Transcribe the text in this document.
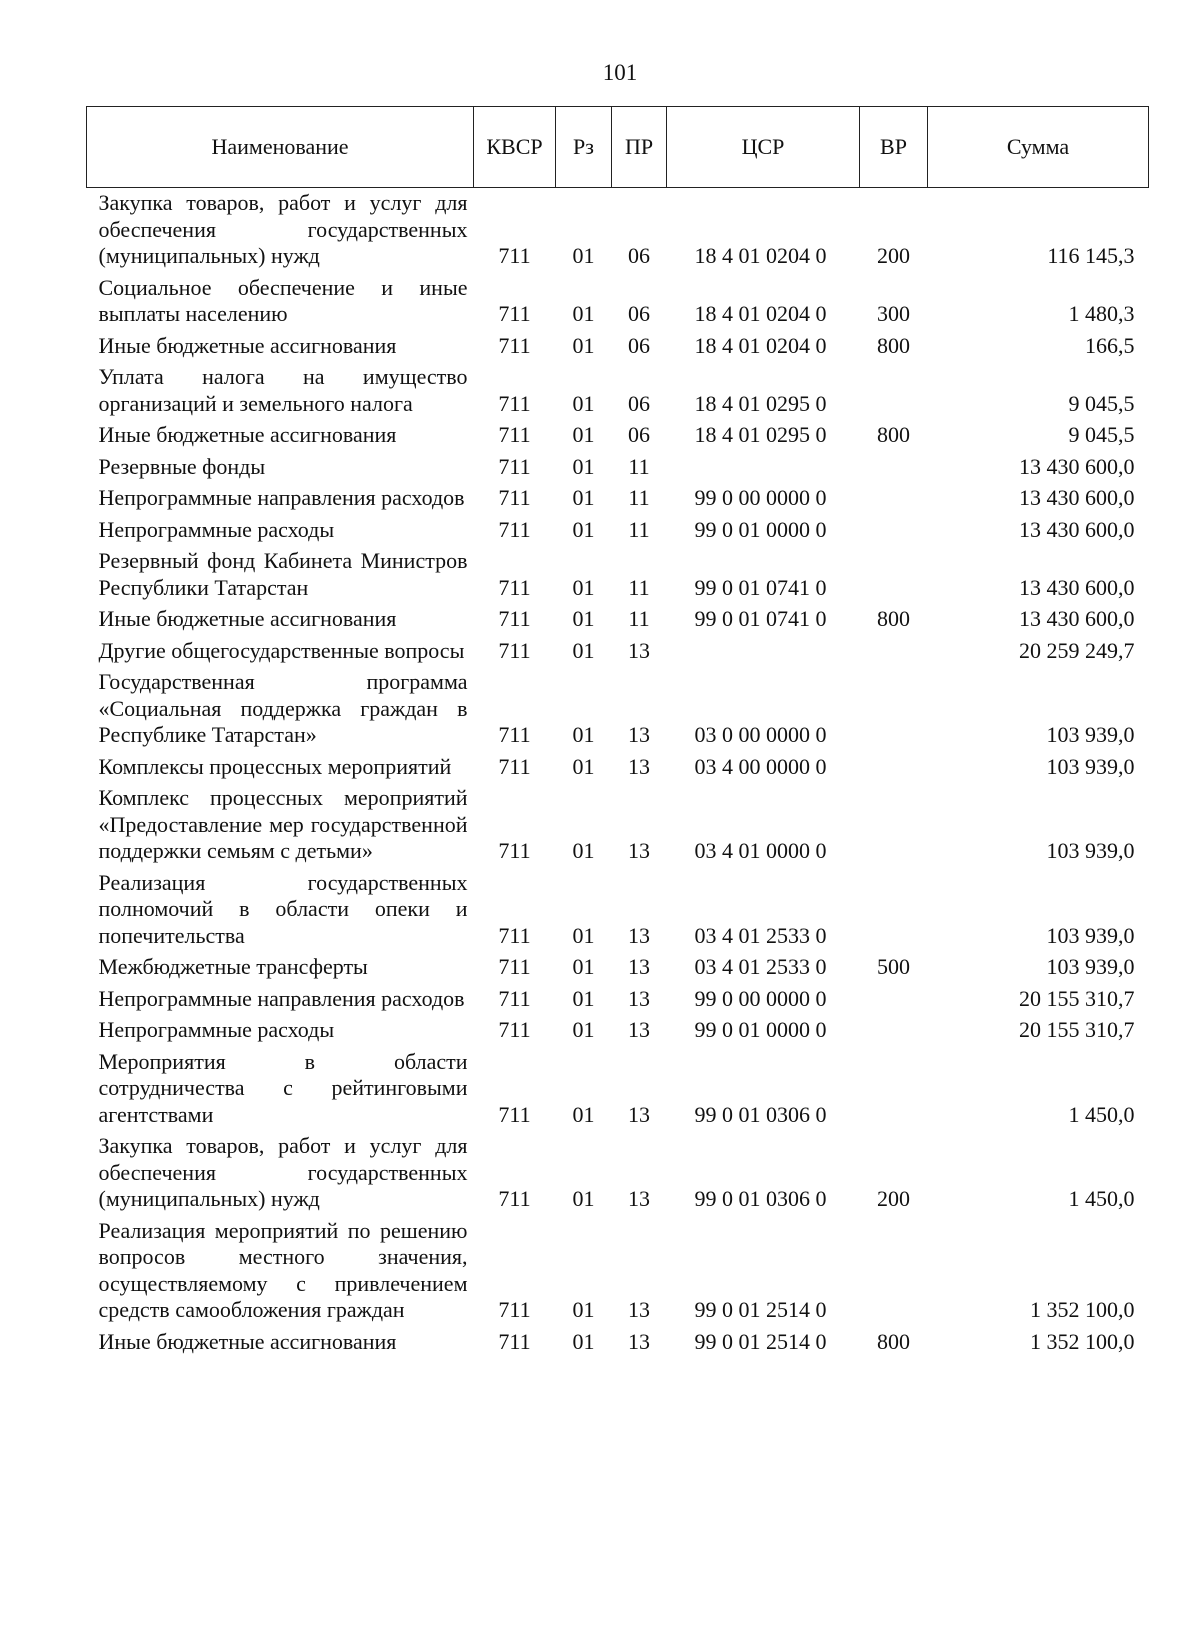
101
Наименование	КВСР	Рз	ПР	ЦСР	ВР	Сумма
Закупка товаров, работ и услуг для обеспечения государственных (муниципальных) нужд	711	01	06	18 4 01 0204 0	200	116 145,3
Социальное обеспечение и иные выплаты населению	711	01	06	18 4 01 0204 0	300	1 480,3
Иные бюджетные ассигнования	711	01	06	18 4 01 0204 0	800	166,5
Уплата налога на имущество организаций и земельного налога	711	01	06	18 4 01 0295 0		9 045,5
Иные бюджетные ассигнования	711	01	06	18 4 01 0295 0	800	9 045,5
Резервные фонды	711	01	11			13 430 600,0
Непрограммные направления расходов	711	01	11	99 0 00 0000 0		13 430 600,0
Непрограммные расходы	711	01	11	99 0 01 0000 0		13 430 600,0
Резервный фонд Кабинета Министров Республики Татарстан	711	01	11	99 0 01 0741 0		13 430 600,0
Иные бюджетные ассигнования	711	01	11	99 0 01 0741 0	800	13 430 600,0
Другие общегосударственные вопросы	711	01	13			20 259 249,7
Государственная программа «Социальная поддержка граждан в Республике Татарстан»	711	01	13	03 0 00 0000 0		103 939,0
Комплексы процессных мероприятий	711	01	13	03 4 00 0000 0		103 939,0
Комплекс процессных мероприятий «Предоставление мер государственной поддержки семьям с детьми»	711	01	13	03 4 01 0000 0		103 939,0
Реализация государственных полномочий в области опеки и попечительства	711	01	13	03 4 01 2533 0		103 939,0
Межбюджетные трансферты	711	01	13	03 4 01 2533 0	500	103 939,0
Непрограммные направления расходов	711	01	13	99 0 00 0000 0		20 155 310,7
Непрограммные расходы	711	01	13	99 0 01 0000 0		20 155 310,7
Мероприятия в области сотрудничества с рейтинговыми агентствами	711	01	13	99 0 01 0306 0		1 450,0
Закупка товаров, работ и услуг для обеспечения государственных (муниципальных) нужд	711	01	13	99 0 01 0306 0	200	1 450,0
Реализация мероприятий по решению вопросов местного значения, осуществляемому с привлечением средств самообложения граждан	711	01	13	99 0 01 2514 0		1 352 100,0
Иные бюджетные ассигнования	711	01	13	99 0 01 2514 0	800	1 352 100,0
